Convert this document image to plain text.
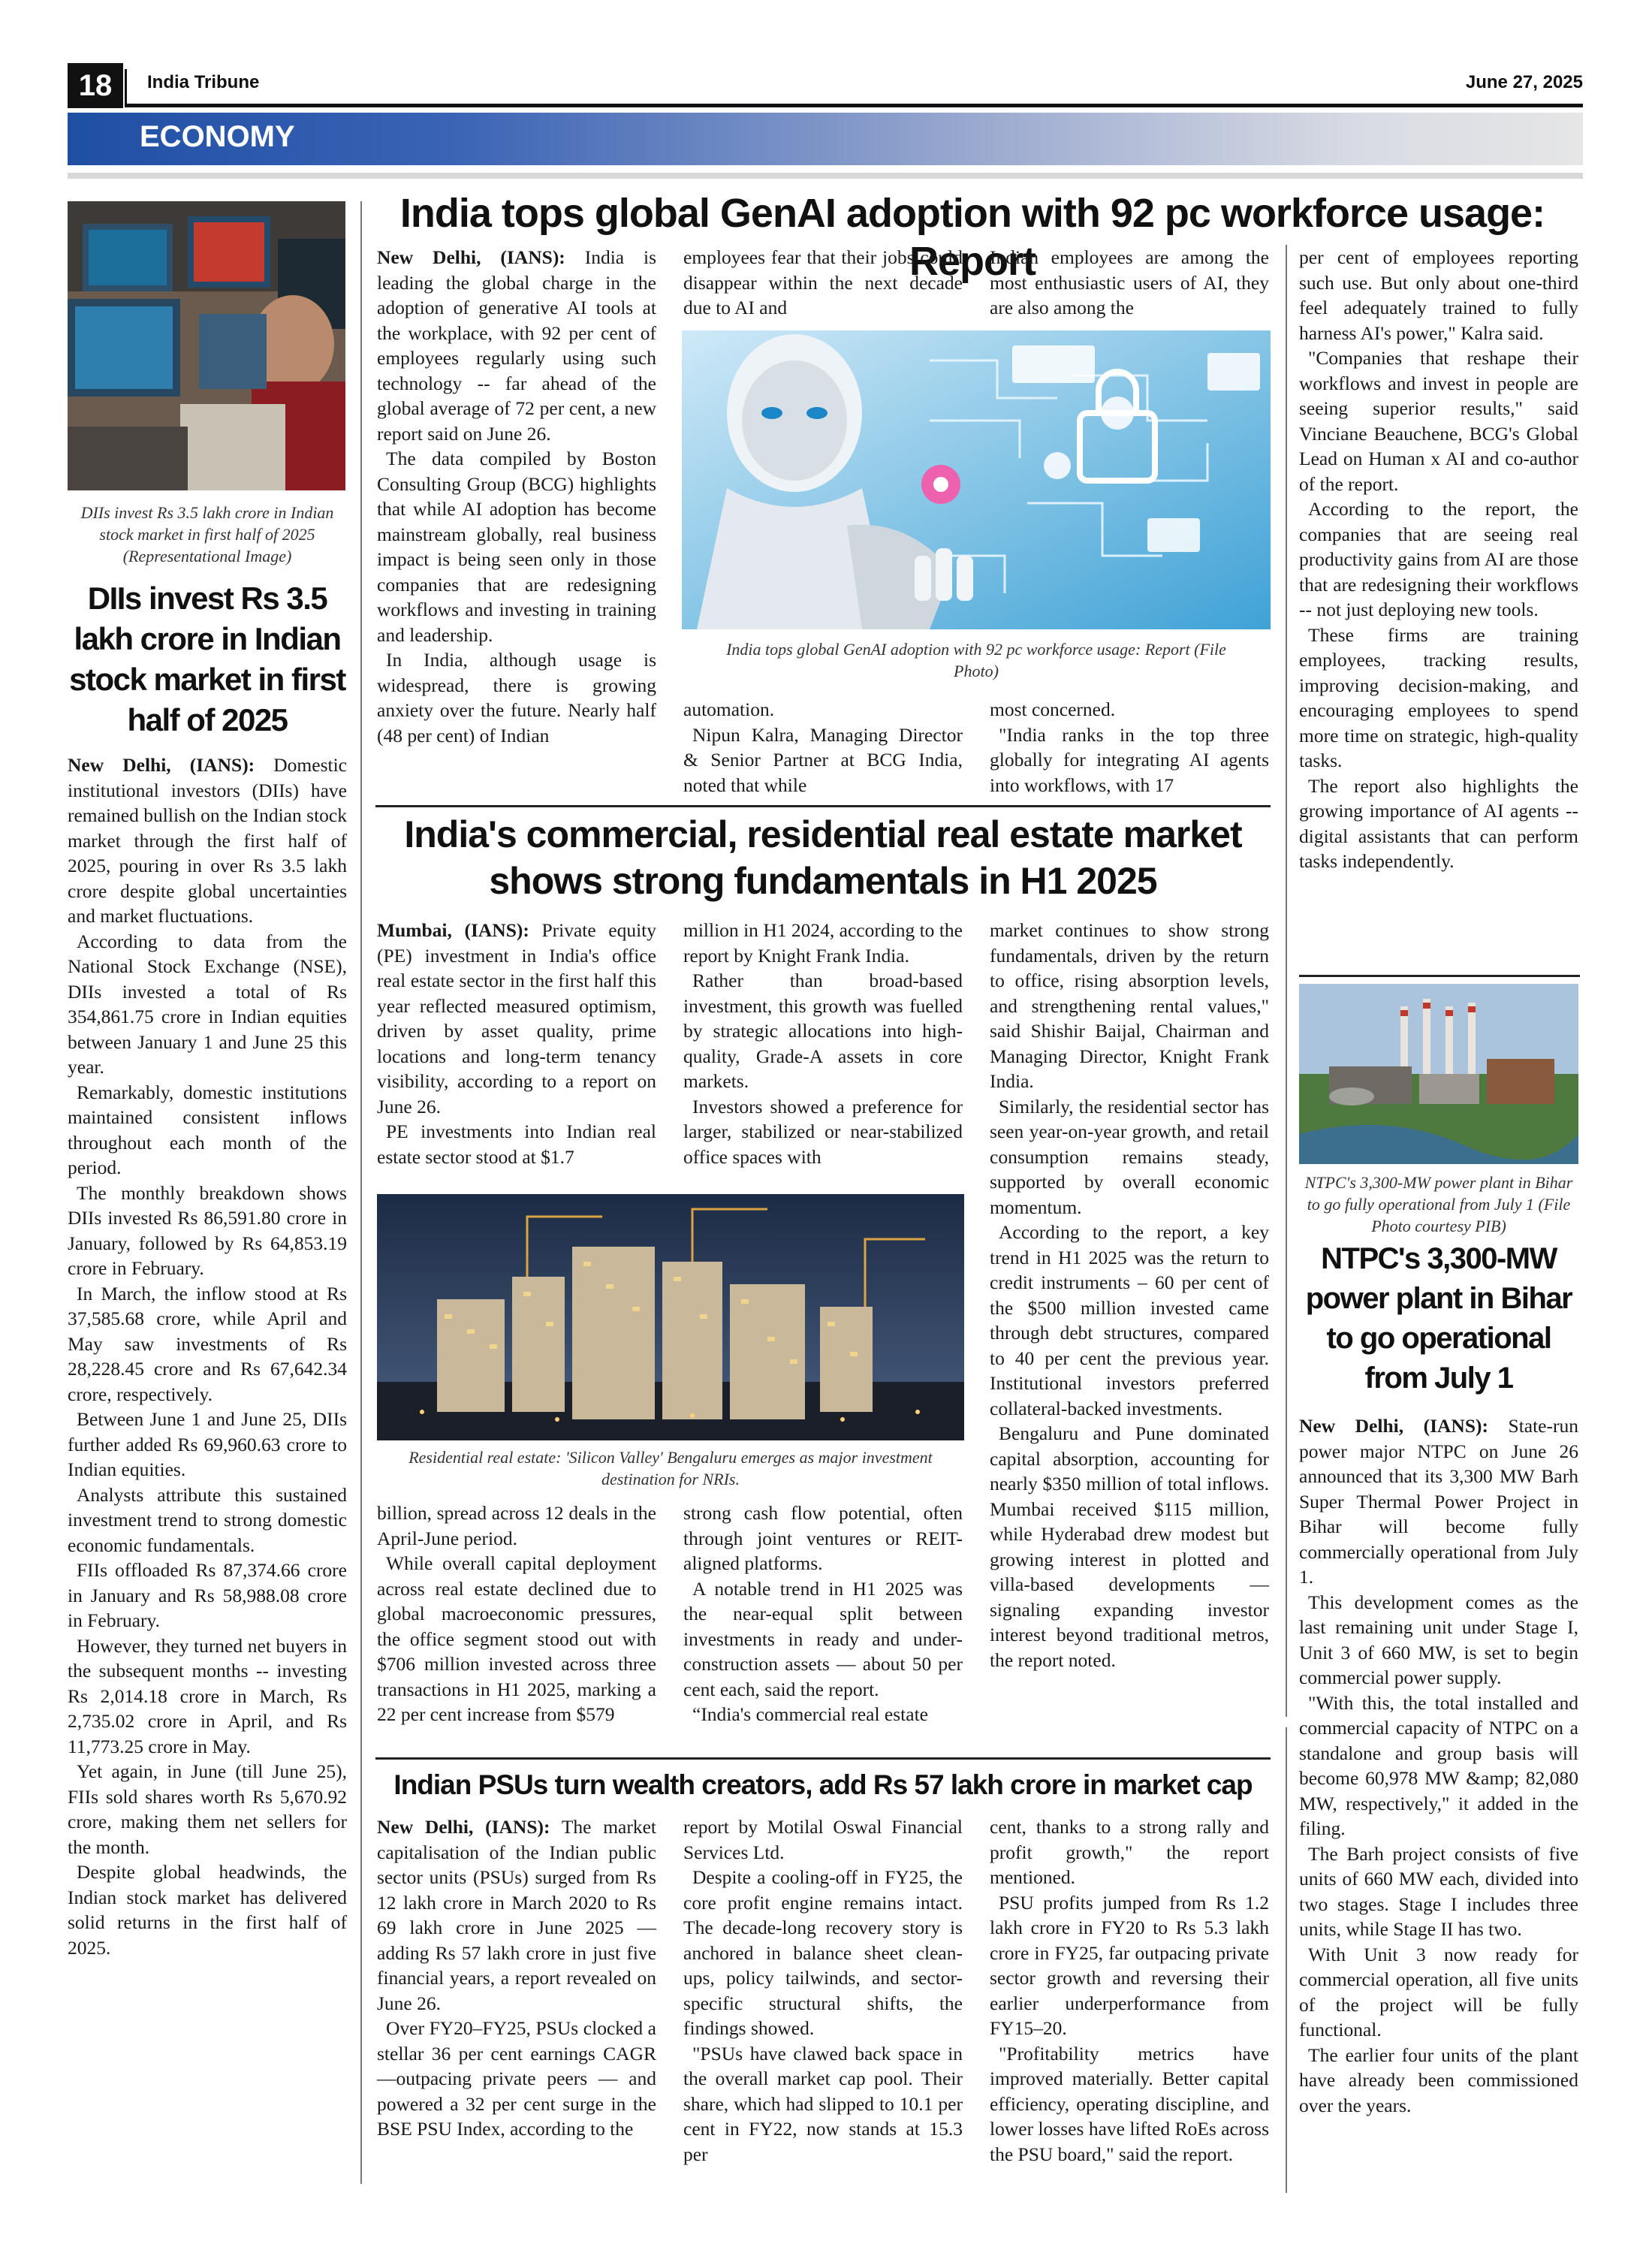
18	India Tribune	June 27, 2025
ECONOMY
DIIs invest Rs 3.5 lakh crore in Indian stock market in first half of 2025 (Representational Image)
DIIs invest Rs 3.5 lakh crore in Indian stock market in first half of 2025

New Delhi, (IANS): Domestic institutional investors (DIIs) have remained bullish on the Indian stock market through the first half of 2025, pouring in over Rs 3.5 lakh crore despite global uncertainties and market fluctuations.

According to data from the National Stock Exchange (NSE), DIIs invested a total of Rs 354,861.75 crore in Indian equities between January 1 and June 25 this year.

Remarkably, domestic institutions maintained consistent inflows throughout each month of the period.

The monthly breakdown shows DIIs invested Rs 86,591.80 crore in January, followed by Rs 64,853.19 crore in February.

In March, the inflow stood at Rs 37,585.68 crore, while April and May saw investments of Rs 28,228.45 crore and Rs 67,642.34 crore, respectively.

Between June 1 and June 25, DIIs further added Rs 69,960.63 crore to Indian equities.

Analysts attribute this sustained investment trend to strong domestic economic fundamentals.

FIIs offloaded Rs 87,374.66 crore in January and Rs 58,988.08 crore in February.

However, they turned net buyers in the subsequent months -- investing Rs 2,014.18 crore in March, Rs 2,735.02 crore in April, and Rs 11,773.25 crore in May.

Yet again, in June (till June 25), FIIs sold shares worth Rs 5,670.92 crore, making them net sellers for the month.

Despite global headwinds, the Indian stock market has delivered solid returns in the first half of 2025.

India tops global GenAI adoption with 92 pc workforce usage: Report

New Delhi, (IANS): India is leading the global charge in the adoption of generative AI tools at the workplace, with 92 per cent of employees regularly using such technology -- far ahead of the global average of 72 per cent, a new report said on June 26.

The data compiled by Boston Consulting Group (BCG) highlights that while AI adoption has become mainstream globally, real business impact is being seen only in those companies that are redesigning workflows and investing in training and leadership.

In India, although usage is widespread, there is growing anxiety over the future. Nearly half (48 per cent) of Indian

employees fear that their jobs could disappear within the next decade due to AI and

Indian employees are among the most enthusiastic users of AI, they are also among the

India tops global GenAI adoption with 92 pc workforce usage: Report (File Photo)

automation.

Nipun Kalra, Managing Director & Senior Partner at BCG India, noted that while

most concerned.

"India ranks in the top three globally for integrating AI agents into workflows, with 17

per cent of employees reporting such use. But only about one-third feel adequately trained to fully harness AI's power," Kalra said.

"Companies that reshape their workflows and invest in people are seeing superior results," said Vinciane Beauchene, BCG's Global Lead on Human x AI and co-author of the report.

According to the report, the companies that are seeing real productivity gains from AI are those that are redesigning their workflows -- not just deploying new tools.

These firms are training employees, tracking results, improving decision-making, and encouraging employees to spend more time on strategic, high-quality tasks.

The report also highlights the growing importance of AI agents -- digital assistants that can perform tasks independently.

India's commercial, residential real estate market shows strong fundamentals in H1 2025

Mumbai, (IANS): Private equity (PE) investment in India's office real estate sector in the first half this year reflected measured optimism, driven by asset quality, prime locations and long-term tenancy visibility, according to a report on June 26.

PE investments into Indian real estate sector stood at $1.7

million in H1 2024, according to the report by Knight Frank India.

Rather than broad-based investment, this growth was fuelled by strategic allocations into high-quality, Grade-A assets in core markets.

Investors showed a preference for larger, stabilized or near-stabilized office spaces with

Residential real estate: 'Silicon Valley' Bengaluru emerges as major investment destination for NRIs.

billion, spread across 12 deals in the April-June period.

While overall capital deployment across real estate declined due to global macroeconomic pressures, the office segment stood out with $706 million invested across three transactions in H1 2025, marking a 22 per cent increase from $579

strong cash flow potential, often through joint ventures or REIT-aligned platforms.

A notable trend in H1 2025 was the near-equal split between investments in ready and under-construction assets — about 50 per cent each, said the report.

“India's commercial real estate

market continues to show strong fundamentals, driven by the return to office, rising absorption levels, and strengthening rental values," said Shishir Baijal, Chairman and Managing Director, Knight Frank India.

Similarly, the residential sector has seen year-on-year growth, and retail consumption remains steady, supported by overall economic momentum.

According to the report, a key trend in H1 2025 was the return to credit instruments – 60 per cent of the $500 million invested came through debt structures, compared to 40 per cent the previous year. Institutional investors preferred collateral-backed investments.

Bengaluru and Pune dominated capital absorption, accounting for nearly $350 million of total inflows. Mumbai received $115 million, while Hyderabad drew modest but growing interest in plotted and villa-based developments — signaling expanding investor interest beyond traditional metros, the report noted.

Indian PSUs turn wealth creators, add Rs 57 lakh crore in market cap

New Delhi, (IANS): The market capitalisation of the Indian public sector units (PSUs) surged from Rs 12 lakh crore in March 2020 to Rs 69 lakh crore in June 2025 — adding Rs 57 lakh crore in just five financial years, a report revealed on June 26.

Over FY20–FY25, PSUs clocked a stellar 36 per cent earnings CAGR —outpacing private peers — and powered a 32 per cent surge in the BSE PSU Index, according to the

report by Motilal Oswal Financial Services Ltd.

Despite a cooling-off in FY25, the core profit engine remains intact. The decade-long recovery story is anchored in balance sheet clean-ups, policy tailwinds, and sector-specific structural shifts, the findings showed.

"PSUs have clawed back space in the overall market cap pool. Their share, which had slipped to 10.1 per cent in FY22, now stands at 15.3 per

cent, thanks to a strong rally and profit growth," the report mentioned.

PSU profits jumped from Rs 1.2 lakh crore in FY20 to Rs 5.3 lakh crore in FY25, far outpacing private sector growth and reversing their earlier underperformance from FY15–20.

"Profitability metrics have improved materially. Better capital efficiency, operating discipline, and lower losses have lifted RoEs across the PSU board," said the report.

NTPC's 3,300-MW power plant in Bihar to go fully operational from July 1 (File Photo courtesy PIB)
NTPC's 3,300-MW power plant in Bihar to go operational from July 1

New Delhi, (IANS): State-run power major NTPC on June 26 announced that its 3,300 MW Barh Super Thermal Power Project in Bihar will become fully commercially operational from July 1.

This development comes as the last remaining unit under Stage I, Unit 3 of 660 MW, is set to begin commercial power supply.

"With this, the total installed and commercial capacity of NTPC on a standalone and group basis will become 60,978 MW &amp; 82,080 MW, respectively," it added in the filing.

The Barh project consists of five units of 660 MW each, divided into two stages. Stage I includes three units, while Stage II has two.

With Unit 3 now ready for commercial operation, all five units of the project will be fully functional.

The earlier four units of the plant have already been commissioned over the years.
